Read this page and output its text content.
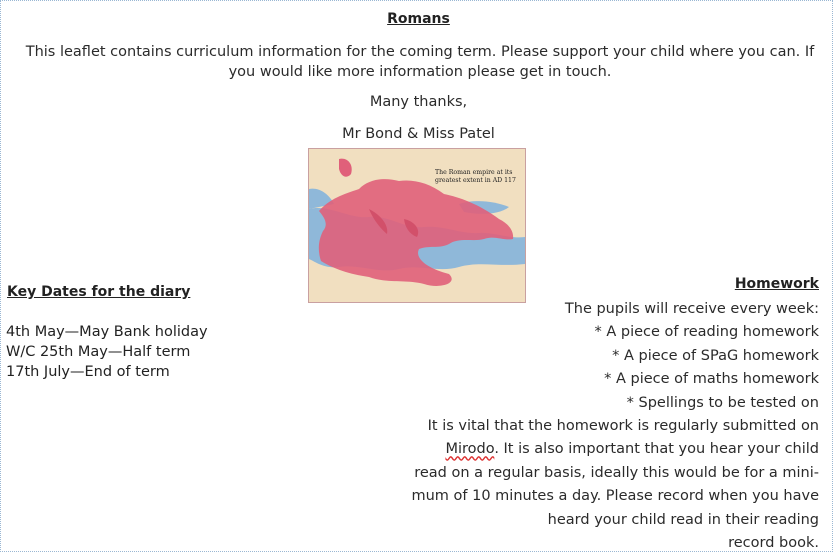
Romans
This leaflet contains curriculum information for the coming term. Please support your child where you can. If you would like more information please get in touch.
Many thanks,
Mr Bond & Miss Patel
The Roman empire at its greatest extent in AD 117
Key Dates for the diary
4th May—May Bank holiday
W/C 25th May—Half term
17th July—End of term
Homework
The pupils will receive every week:
* A piece of reading homework
* A piece of SPaG homework
* A piece of maths homework
* Spellings to be tested on
It is vital that the homework is regularly submitted on
Mirodo. It is also important that you hear your child
read on a regular basis, ideally this would be for a mini-
mum of 10 minutes a day. Please record when you have
heard your child read in their reading
record book.
